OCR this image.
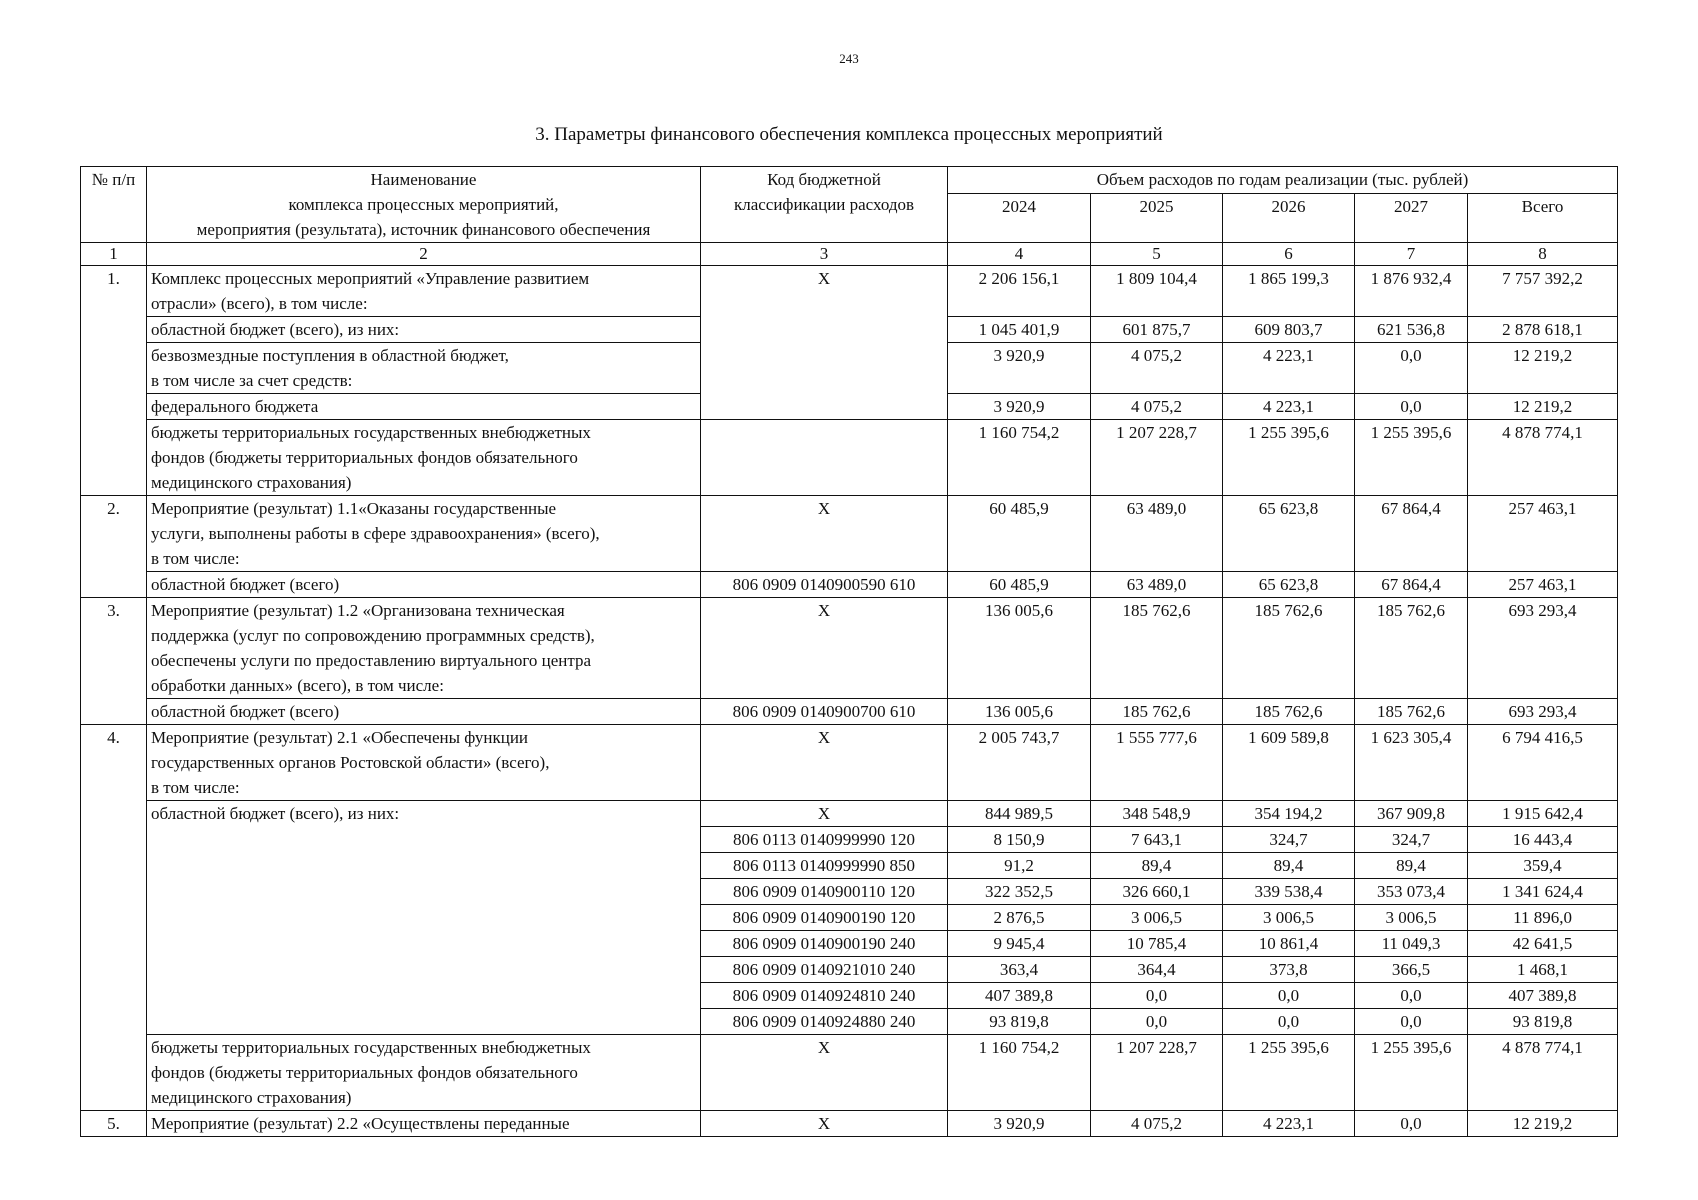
243
3. Параметры финансового обеспечения комплекса процессных мероприятий
№ п/п	Наименование
комплекса процессных мероприятий,
мероприятия (результата), источник финансового обеспечения	Код бюджетной
классификации расходов	Объем расходов по годам реализации (тыс. рублей)				
			2024	2025	2026	2027	Всего
1	2	3	4	5	6	7	8
1.	Комплекс процессных мероприятий «Управление развитием
отрасли» (всего), в том числе:	X	2 206 156,1	1 809 104,4	1 865 199,3	1 876 932,4	7 757 392,2

	областной бюджет (всего), из них:		1 045 401,9	601 875,7	609 803,7	621 536,8	2 878 618,1

	безвозмездные поступления в областной бюджет,
в том числе за счет средств:		3 920,9	4 075,2	4 223,1	0,0	12 219,2

	федерального бюджета		3 920,9	4 075,2	4 223,1	0,0	12 219,2

	бюджеты территориальных государственных внебюджетных
фондов (бюджеты территориальных фондов обязательного
медицинского страхования)		1 160 754,2	1 207 228,7	1 255 395,6	1 255 395,6	4 878 774,1
2.	Мероприятие (результат) 1.1«Оказаны государственные
услуги, выполнены работы в сфере здравоохранения» (всего),
в том числе:	X	60 485,9	63 489,0	65 623,8	67 864,4	257 463,1

	областной бюджет (всего)	806 0909 0140900590 610	60 485,9	63 489,0	65 623,8	67 864,4	257 463,1
3.	Мероприятие (результат) 1.2 «Организована техническая
поддержка (услуг по сопровождению программных средств),
обеспечены услуги по предоставлению виртуального центра
обработки данных» (всего), в том числе:	X	136 005,6	185 762,6	185 762,6	185 762,6	693 293,4

	областной бюджет (всего)	806 0909 0140900700 610	136 005,6	185 762,6	185 762,6	185 762,6	693 293,4
4.	Мероприятие (результат) 2.1 «Обеспечены функции
государственных органов Ростовской области» (всего),
в том числе:	X	2 005 743,7	1 555 777,6	1 609 589,8	1 623 305,4	6 794 416,5

	областной бюджет (всего), из них:	X	844 989,5	348 548,9	354 194,2	367 909,8	1 915 642,4
		806 0113 0140999990 120	8 150,9	7 643,1	324,7	324,7	16 443,4
		806 0113 0140999990 850	91,2	89,4	89,4	89,4	359,4
		806 0909 0140900110 120	322 352,5	326 660,1	339 538,4	353 073,4	1 341 624,4
		806 0909 0140900190 120	2 876,5	3 006,5	3 006,5	3 006,5	11 896,0
		806 0909 0140900190 240	9 945,4	10 785,4	10 861,4	11 049,3	42 641,5
		806 0909 0140921010 240	363,4	364,4	373,8	366,5	1 468,1
		806 0909 0140924810 240	407 389,8	0,0	0,0	0,0	407 389,8
		806 0909 0140924880 240	93 819,8	0,0	0,0	0,0	93 819,8

	бюджеты территориальных государственных внебюджетных
фондов (бюджеты территориальных фондов обязательного
медицинского страхования)	X	1 160 754,2	1 207 228,7	1 255 395,6	1 255 395,6	4 878 774,1
5.	Мероприятие (результат) 2.2 «Осуществлены переданные	X	3 920,9	4 075,2	4 223,1	0,0	12 219,2
